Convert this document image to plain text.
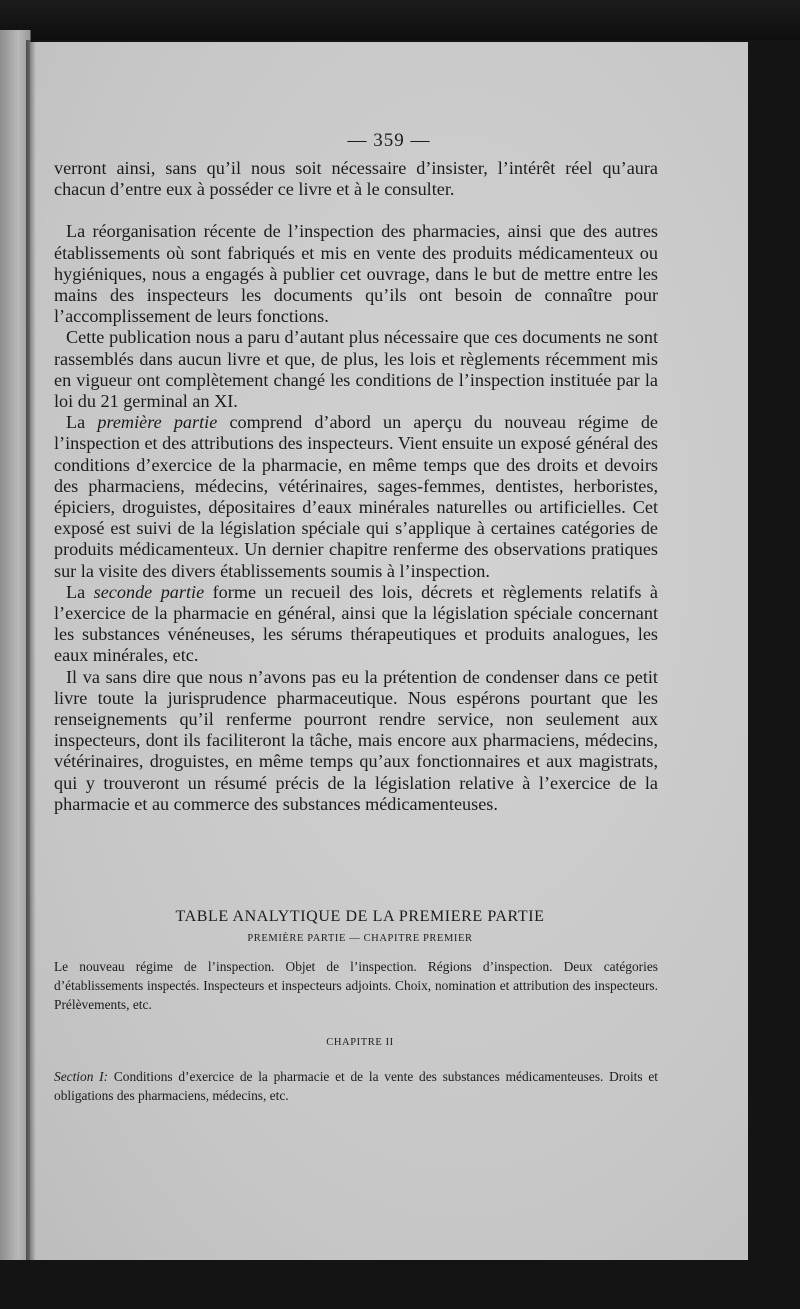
— 359 —

verront ainsi, sans qu’il nous soit nécessaire d’insister, l’intérêt réel qu’aura chacun d’entre eux à posséder ce livre et à le consulter.

La réorganisation récente de l’inspection des pharmacies, ainsi que des autres établissements où sont fabriqués et mis en vente des produits médicamenteux ou hygiéniques, nous a engagés à publier cet ouvrage, dans le but de mettre entre les mains des inspecteurs les documents qu’ils ont besoin de connaître pour l’accomplissement de leurs fonctions.

Cette publication nous a paru d’autant plus nécessaire que ces documents ne sont rassemblés dans aucun livre et que, de plus, les lois et règlements récemment mis en vigueur ont complètement changé les conditions de l’inspection instituée par la loi du 21 germinal an XI.

La première partie comprend d’abord un aperçu du nouveau régime de l’inspection et des attributions des inspecteurs. Vient ensuite un exposé général des conditions d’exercice de la pharmacie, en même temps que des droits et devoirs des pharmaciens, médecins, vétérinaires, sages-femmes, dentistes, herboristes, épiciers, droguistes, dépositaires d’eaux minérales naturelles ou artificielles. Cet exposé est suivi de la législation spéciale qui s’applique à certaines catégories de produits médicamenteux. Un dernier chapitre renferme des observations pratiques sur la visite des divers établissements soumis à l’inspection.

La seconde partie forme un recueil des lois, décrets et règlements relatifs à l’exercice de la pharmacie en général, ainsi que la législation spéciale concernant les substances vénéneuses, les sérums thérapeutiques et produits analogues, les eaux minérales, etc.

Il va sans dire que nous n’avons pas eu la prétention de condenser dans ce petit livre toute la jurisprudence pharmaceutique. Nous espérons pourtant que les renseignements qu’il renferme pourront rendre service, non seulement aux inspecteurs, dont ils faciliteront la tâche, mais encore aux pharmaciens, médecins, vétérinaires, droguistes, en même temps qu’aux fonctionnaires et aux magistrats, qui y trouveront un résumé précis de la législation relative à l’exercice de la pharmacie et au commerce des substances médicamenteuses.

TABLE ANALYTIQUE DE LA PREMIERE PARTIE
PREMIÈRE PARTIE — CHAPITRE PREMIER
Le nouveau régime de l’inspection. Objet de l’inspection. Régions d’inspection. Deux catégories d’établissements inspectés. Inspecteurs et inspecteurs adjoints. Choix, nomination et attribution des inspecteurs. Prélèvements, etc.
CHAPITRE II
Section I: Conditions d’exercice de la pharmacie et de la vente des substances médicamenteuses. Droits et obligations des pharmaciens, médecins, etc.
